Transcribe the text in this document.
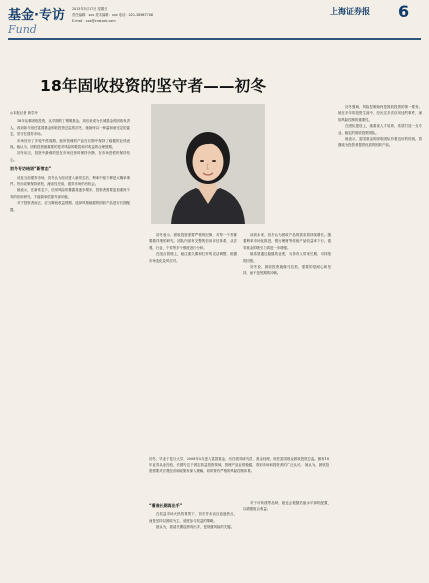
基金·专访
Fund
2015年5月17日 星期日
责任编辑：xxx 美术编辑：xxx 电话：021-38967706
E-mail：xxx@cnstock.com
上海证券报 6
18年固收投资的坚守者——初冬
◎本报记者 黄学丹

18年从事固收投资，从早期的丁锡明基金，到后来成为长城基金的固收负责人，再到如今担任富国基金固收投资总监的初冬，她始终以一种温和而坚定的姿态，坚守在债券市场。

市场经历了多轮牛熊周期，她所管理的产品在长期中保持了稳健的业绩表现。她认为，固收投资最重要的是对风险的敬畏和对收益的合理预期。

初冬坦言，投资中最难的是在市场狂热时保持冷静，在市场恐慌时保持信心。

初冬专访结语“新常态”

谈及当前债券市场，初冬认为经济进入新常态后，利率中枢下移是大概率事件。货币政策保持宽松，流动性充裕，债券市场仍有机会。

她表示，在新常态下，信用风险的暴露将逐步增多，投资者需要更加重视个券的信用研究，不能简单依靠外部评级。

对于投资者而言，应当降低收益预期，选择风格稳健的固收产品进行长期配置。

初冬表示，固收投资需要严格的纪律，对每一个券都要做详细的研究。团队内部有完整的信用评估体系，从宏观、行业、个券等多个维度进行分析。

在组合管理上，她注重久期和杠杆的灵活调整，根据市场变化及时应对。

谈到未来，初冬认为固收产品的需求将持续增长。随着利率市场化推进，银行理财等传统产品收益率下行，债券基金的吸引力将进一步增强。

她希望通过稳健的业绩，为持有人带来长期、可持续的回报。

初冬说，固收投资就像马拉松，需要的是耐心和坚持，而不是短期的冲刺。

初冬，毕业于复旦大学，2008年5月进入富国基金，历任债券研究员、基金经理，现任富国基金固收投资总监。拥有18年证券从业经验，长期专注于固定收益投资领域，管理产品业绩稳健，得到市场和投资者的广泛认可。 她认为，固收投资需要对宏观经济和政策有深入理解，同时要有严格的风险控制体系。
“看准长期再出手”

在权益市场火热的背景下，初冬并未盲目追逐热点，而是坚持以固收为主、适度参与权益的策略。

她认为，看清长期趋势再出手，是规避风险的关键。

对于可转债等品种，她也会根据估值水平择机配置，以增强组合收益。

初冬强调，风险控制始终是固收投资的第一要务。她在多年的投资生涯中，经历过多次信用违约事件，深知风险控制的重要性。

在团队建设上，她重视人才培养，希望打造一支专业、稳定的固收投资团队。

她表示，富国基金的固收团队有着良好的传统，将继续为投资者提供优质的固收产品。
